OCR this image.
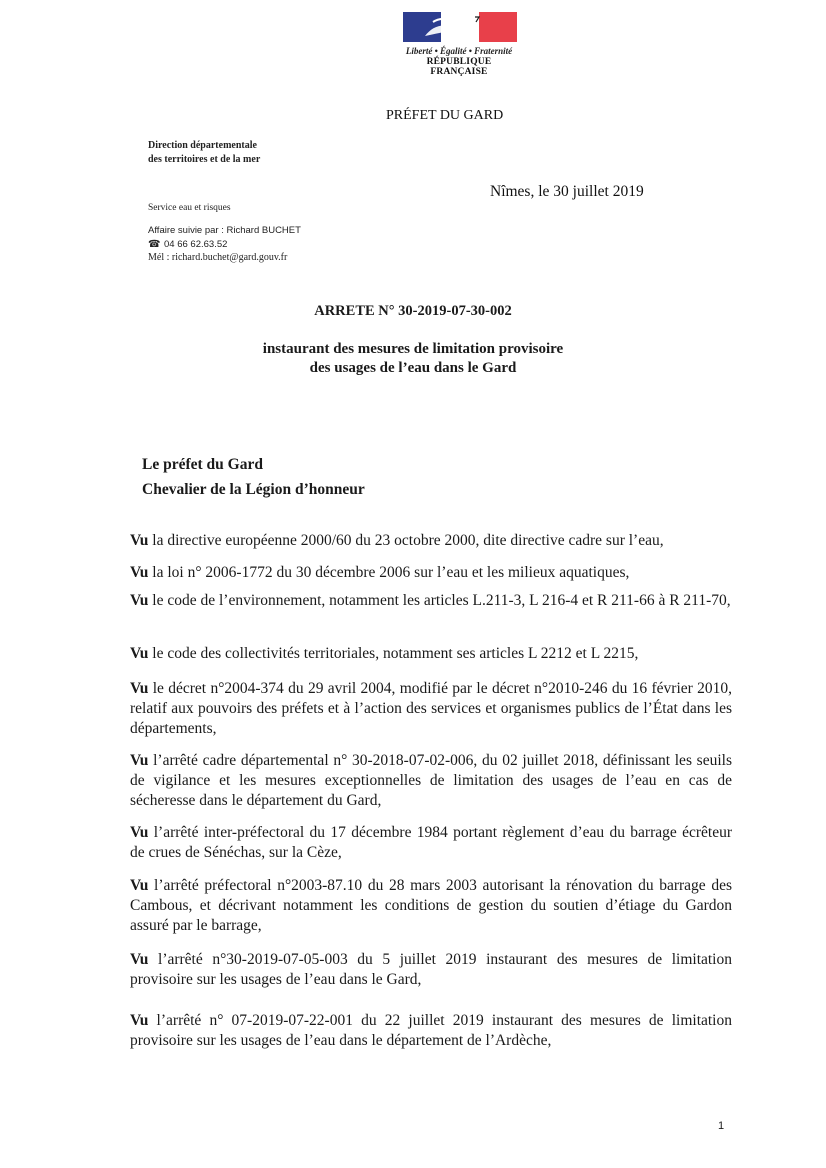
Liberté • Égalité • Fraternité
RÉPUBLIQUE FRANÇAISE
PRÉFET DU GARD
Direction départementale
des territoires et de la mer
Nîmes, le 30 juillet 2019
Service eau et risques
Affaire suivie par : Richard BUCHET
☎ 04 66 62.63.52
Mél : richard.buchet@gard.gouv.fr
ARRETE N° 30-2019-07-30-002
instaurant des mesures de limitation provisoire
des usages de l’eau dans le Gard
Le préfet du Gard
Chevalier de la Légion d’honneur
Vu la directive européenne 2000/60 du 23 octobre 2000, dite directive cadre sur l’eau,
Vu la loi n° 2006-1772 du 30 décembre 2006 sur l’eau et les milieux aquatiques,
Vu le code de l’environnement, notamment les articles L.211-3, L 216-4 et R 211-66 à R 211-70,
Vu le code des collectivités territoriales, notamment ses articles L 2212 et L 2215,
Vu le décret n°2004-374 du 29 avril 2004, modifié par le décret n°2010-246 du 16 février 2010, relatif aux pouvoirs des préfets et à l’action des services et organismes publics de l’État dans les départements,
Vu l’arrêté cadre départemental n° 30-2018-07-02-006, du 02 juillet 2018, définissant les seuils de vigilance et les mesures exceptionnelles de limitation des usages de l’eau en cas de sécheresse dans le département du Gard,
Vu l’arrêté inter-préfectoral du 17 décembre 1984 portant règlement d’eau du barrage écrêteur de crues de Sénéchas, sur la Cèze,
Vu l’arrêté préfectoral n°2003-87.10 du 28 mars 2003 autorisant la rénovation du barrage des Cambous, et décrivant notamment les conditions de gestion du soutien d’étiage du Gardon assuré par le barrage,
Vu l’arrêté n°30-2019-07-05-003 du 5 juillet 2019 instaurant des mesures de limitation provisoire sur les usages de l’eau dans le Gard,
Vu l’arrêté n° 07-2019-07-22-001 du 22 juillet 2019 instaurant des mesures de limitation provisoire sur les usages de l’eau dans le département de l’Ardèche,
1
